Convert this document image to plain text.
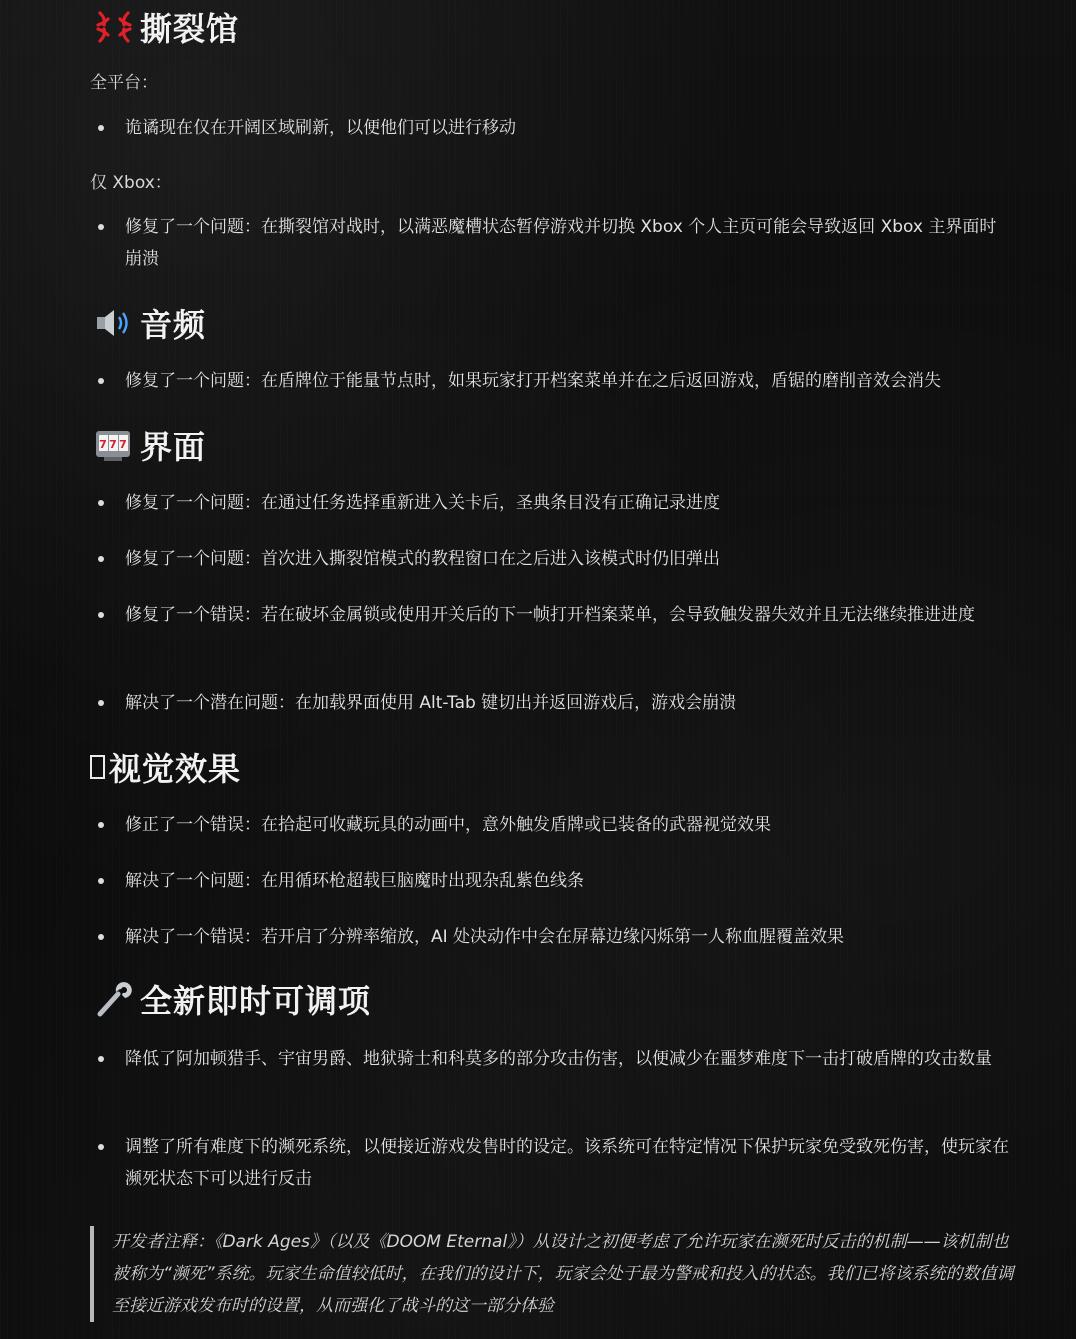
撕裂馆

全平台：

诡谲现在仅在开阔区域刷新，以便他们可以进行移动

仅 Xbox：

修复了一个问题：在撕裂馆对战时，以满恶魔槽状态暂停游戏并切换 Xbox 个人主页可能会导致返回 Xbox 主界面时崩溃
音频
修复了一个问题：在盾牌位于能量节点时，如果玩家打开档案菜单并在之后返回游戏，盾锯的磨削音效会消失
7 7 7 界面
修复了一个问题：在通过任务选择重新进入关卡后，圣典条目没有正确记录进度
修复了一个问题：首次进入撕裂馆模式的教程窗口在之后进入该模式时仍旧弹出
修复了一个错误：若在破坏金属锁或使用开关后的下一帧打开档案菜单，会导致触发器失效并且无法继续推进进度
解决了一个潜在问题：在加载界面使用 Alt-Tab 键切出并返回游戏后，游戏会崩溃
视觉效果
修正了一个错误：在拾起可收藏玩具的动画中，意外触发盾牌或已装备的武器视觉效果
解决了一个问题：在用循环枪超载巨脑魔时出现杂乱紫色线条
解决了一个错误：若开启了分辨率缩放，AI 处决动作中会在屏幕边缘闪烁第一人称血腥覆盖效果
全新即时可调项
降低了阿加顿猎手、宇宙男爵、地狱骑士和科莫多的部分攻击伤害，以便减少在噩梦难度下一击打破盾牌的攻击数量
调整了所有难度下的濒死系统，以便接近游戏发售时的设定。该系统可在特定情况下保护玩家免受致死伤害，使玩家在濒死状态下可以进行反击
开发者注释：《Dark Ages》（以及《DOOM Eternal》）从设计之初便考虑了允许玩家在濒死时反击的机制——该机制也被称为“濒死”系统。玩家生命值较低时，在我们的设计下，玩家会处于最为警戒和投入的状态。我们已将该系统的数值调至接近游戏发布时的设置，从而强化了战斗的这一部分体验
